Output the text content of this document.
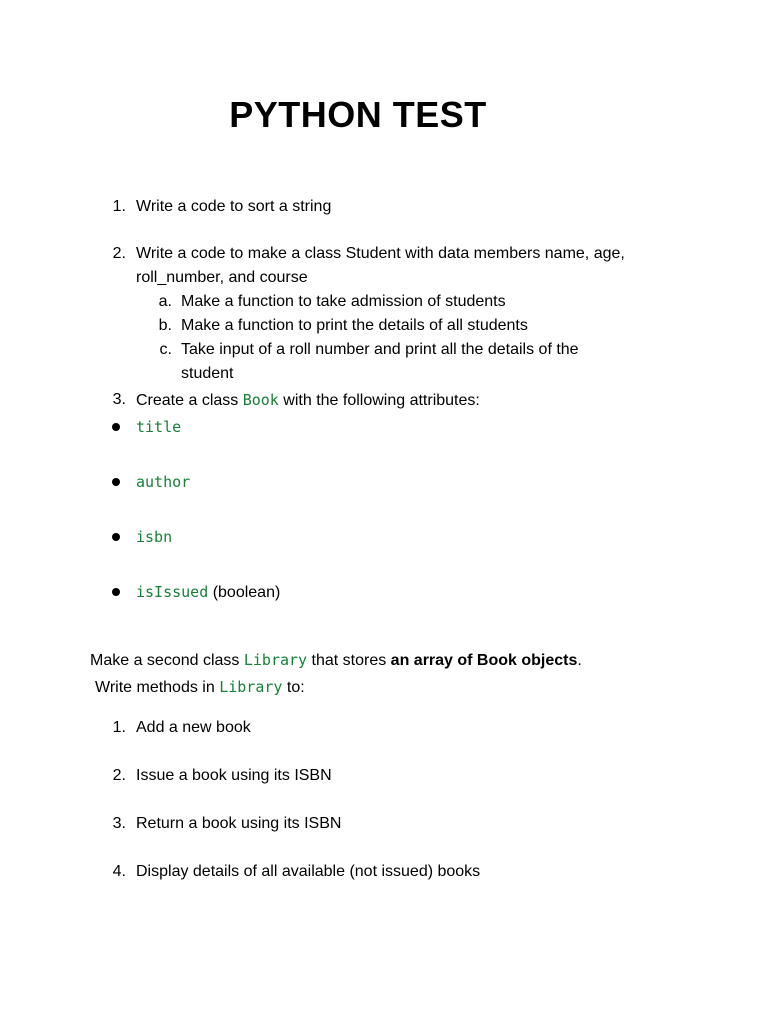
PYTHON TEST
1. Write a code to sort a string
2. Write a code to make a class Student with data members name, age,
roll_number, and course
a. Make a function to take admission of students
b. Make a function to print the details of all students
c. Take input of a roll number and print all the details of the
student
3. Create a class Book with the following attributes:
title
author
isbn
isIssued (boolean)
Make a second class Library that stores an array of Book objects.
Write methods in Library to:
1. Add a new book
2. Issue a book using its ISBN
3. Return a book using its ISBN
4. Display details of all available (not issued) books
